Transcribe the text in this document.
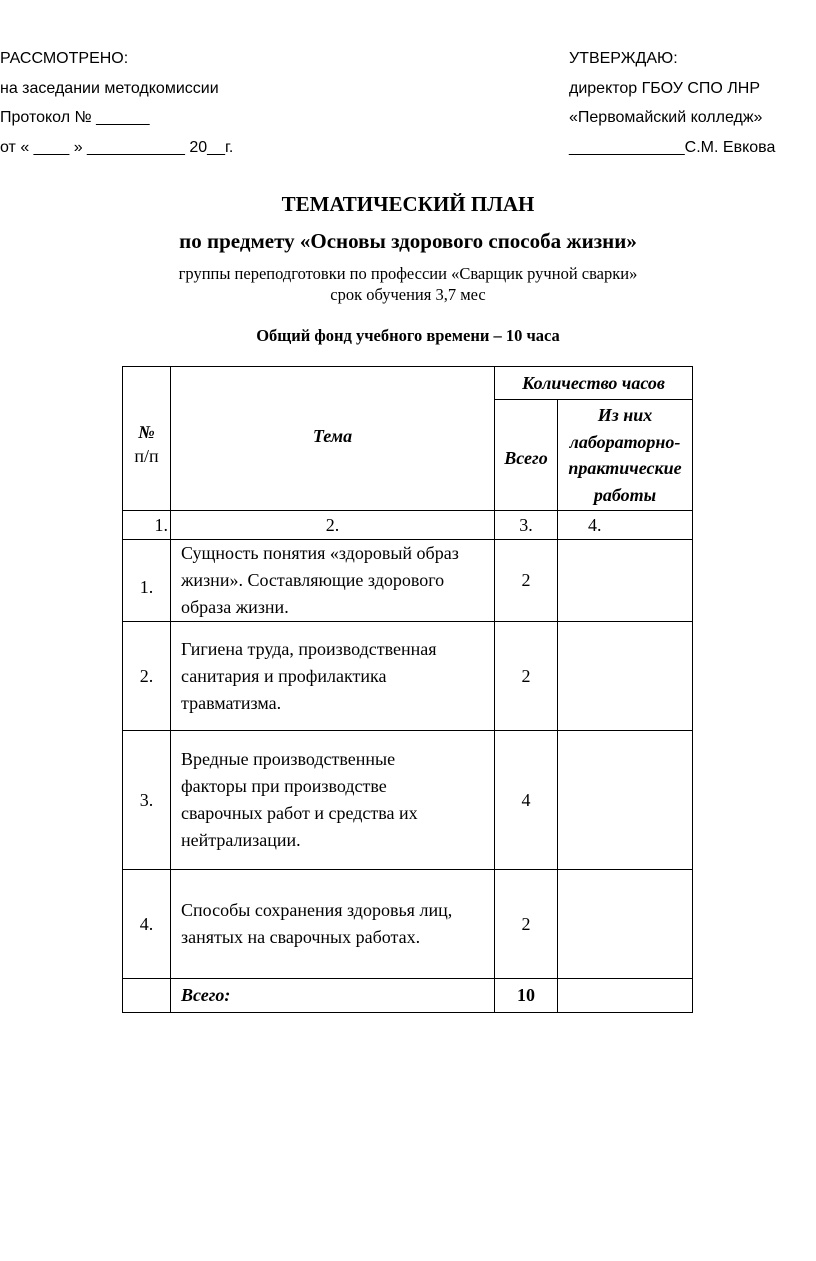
РАССМОТРЕНО:
на заседании методкомиссии
Протокол № ______
от « ____ » ___________ 20__г.
УТВЕРЖДАЮ:
директор ГБОУ СПО ЛНР
«Первомайский колледж»
_____________С.М. Евкова
ТЕМАТИЧЕСКИЙ ПЛАН
по предмету «Основы здорового способа жизни»
группы переподготовки по профессии «Сварщик ручной сварки»
срок обучения 3,7 мес
Общий фонд учебного времени – 10 часа
№
п/п	Тема	Количество часов	
		Всего	Из них
лабораторно-
практические
работы

1.	2.	3.	4.
1.	Сущность понятия «здоровый образ
жизни». Составляющие здорового
образа жизни.	2	
2.	Гигиена труда, производственная
санитария и профилактика
травматизма.	2	
3.	Вредные производственные
факторы при производстве
сварочных работ и средства их
нейтрализации.	4	
4.	Способы сохранения здоровья лиц,
занятых на сварочных работах.	2	
	Всего:	10	
